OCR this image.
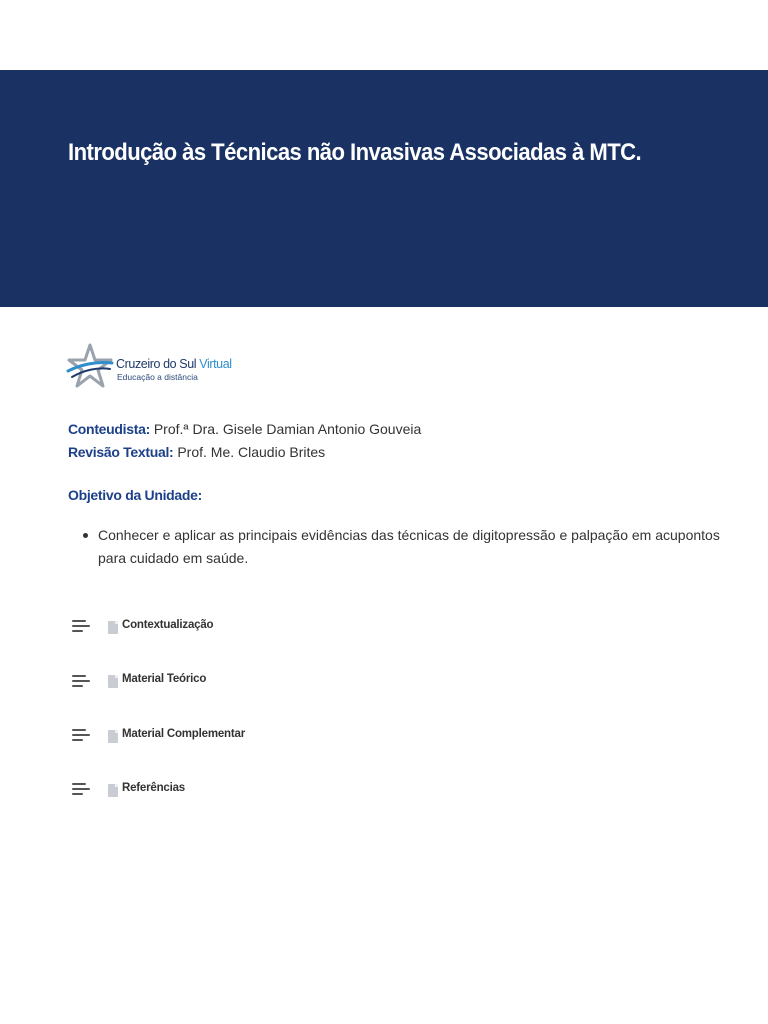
Introdução às Técnicas não Invasivas Associadas à MTC.
Cruzeiro do Sul Virtual
Educação a distância
Conteudista: Prof.ª Dra. Gisele Damian Antonio Gouveia
Revisão Textual: Prof. Me. Claudio Brites
Objetivo da Unidade:
Conhecer e aplicar as principais evidências das técnicas de digitopressão e palpação em acupontos para cuidado em saúde.
Contextualização
Material Teórico
Material Complementar
Referências
